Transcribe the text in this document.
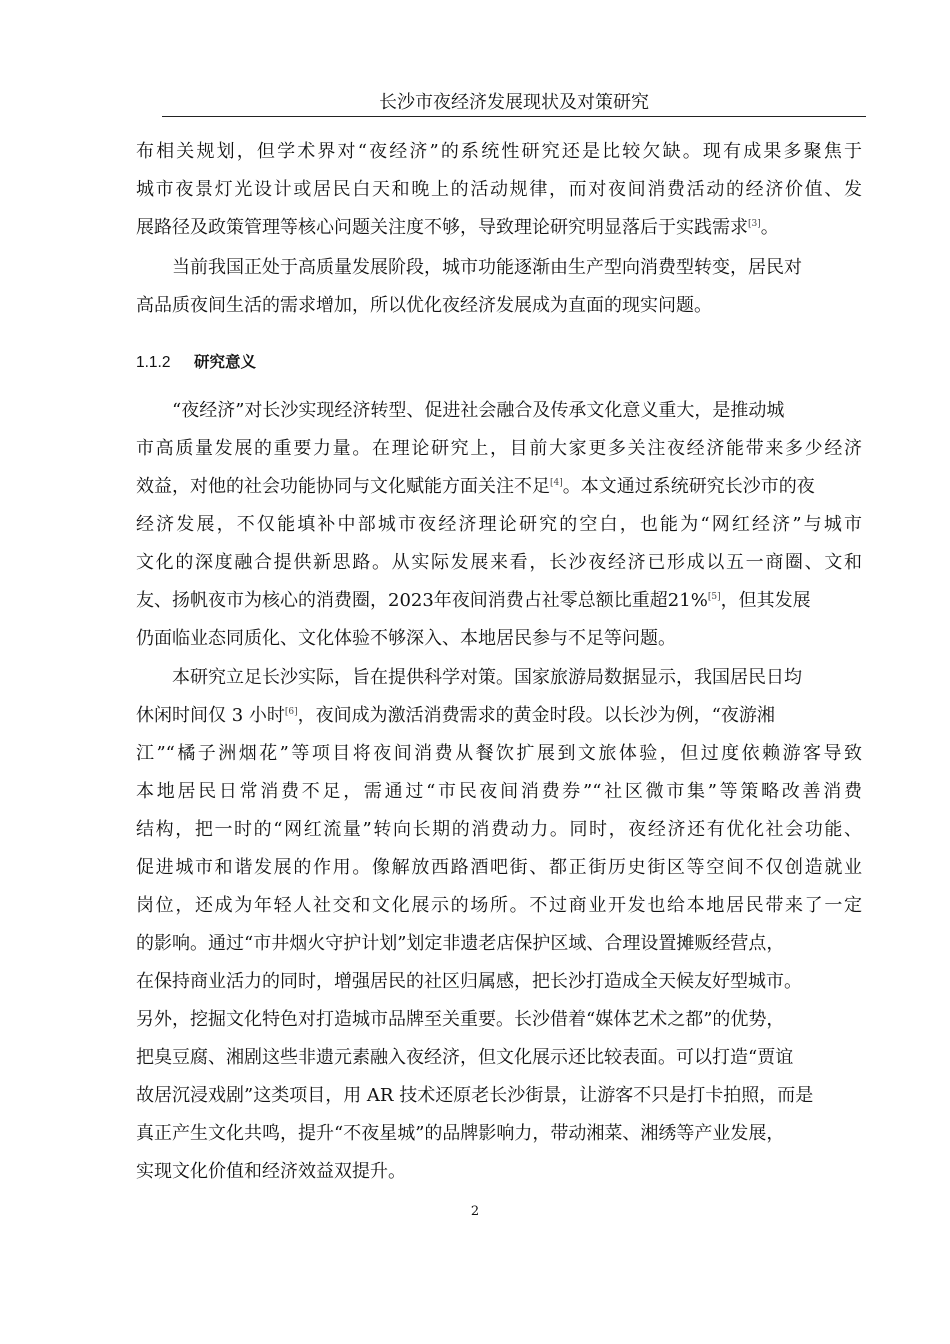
长沙市夜经济发展现状及对策研究
布相关规划，但学术界对“夜经济”的系统性研究还是比较欠缺。现有成果多聚焦于
城市夜景灯光设计或居民白天和晚上的活动规律，而对夜间消费活动的经济价值、发
展路径及政策管理等核心问题关注度不够，导致理论研究明显落后于实践需求[3]。
当前我国正处于高质量发展阶段，城市功能逐渐由生产型向消费型转变，居民对
高品质夜间生活的需求增加，所以优化夜经济发展成为直面的现实问题。
1.1.2 研究意义
“夜经济”对长沙实现经济转型、促进社会融合及传承文化意义重大，是推动城
市高质量发展的重要力量。在理论研究上，目前大家更多关注夜经济能带来多少经济
效益，对他的社会功能协同与文化赋能方面关注不足[4]。本文通过系统研究长沙市的夜
经济发展，不仅能填补中部城市夜经济理论研究的空白，也能为“网红经济”与城市
文化的深度融合提供新思路。从实际发展来看，长沙夜经济已形成以五一商圈、文和
友、扬帆夜市为核心的消费圈，2023年夜间消费占社零总额比重超21%[5]，但其发展
仍面临业态同质化、文化体验不够深入、本地居民参与不足等问题。
本研究立足长沙实际，旨在提供科学对策。国家旅游局数据显示，我国居民日均
休闲时间仅 3 小时[6]，夜间成为激活消费需求的黄金时段。以长沙为例，“夜游湘
江”“橘子洲烟花”等项目将夜间消费从餐饮扩展到文旅体验，但过度依赖游客导致
本地居民日常消费不足，需通过“市民夜间消费券”“社区微市集”等策略改善消费
结构，把一时的“网红流量”转向长期的消费动力。同时，夜经济还有优化社会功能、
促进城市和谐发展的作用。像解放西路酒吧街、都正街历史街区等空间不仅创造就业
岗位，还成为年轻人社交和文化展示的场所。不过商业开发也给本地居民带来了一定
的影响。通过“市井烟火守护计划”划定非遗老店保护区域、合理设置摊贩经营点，
在保持商业活力的同时，增强居民的社区归属感，把长沙打造成全天候友好型城市。
另外，挖掘文化特色对打造城市品牌至关重要。长沙借着“媒体艺术之都”的优势，
把臭豆腐、湘剧这些非遗元素融入夜经济，但文化展示还比较表面。可以打造“贾谊
故居沉浸戏剧”这类项目，用 AR 技术还原老长沙街景，让游客不只是打卡拍照，而是
真正产生文化共鸣，提升“不夜星城”的品牌影响力，带动湘菜、湘绣等产业发展，
实现文化价值和经济效益双提升。
2
